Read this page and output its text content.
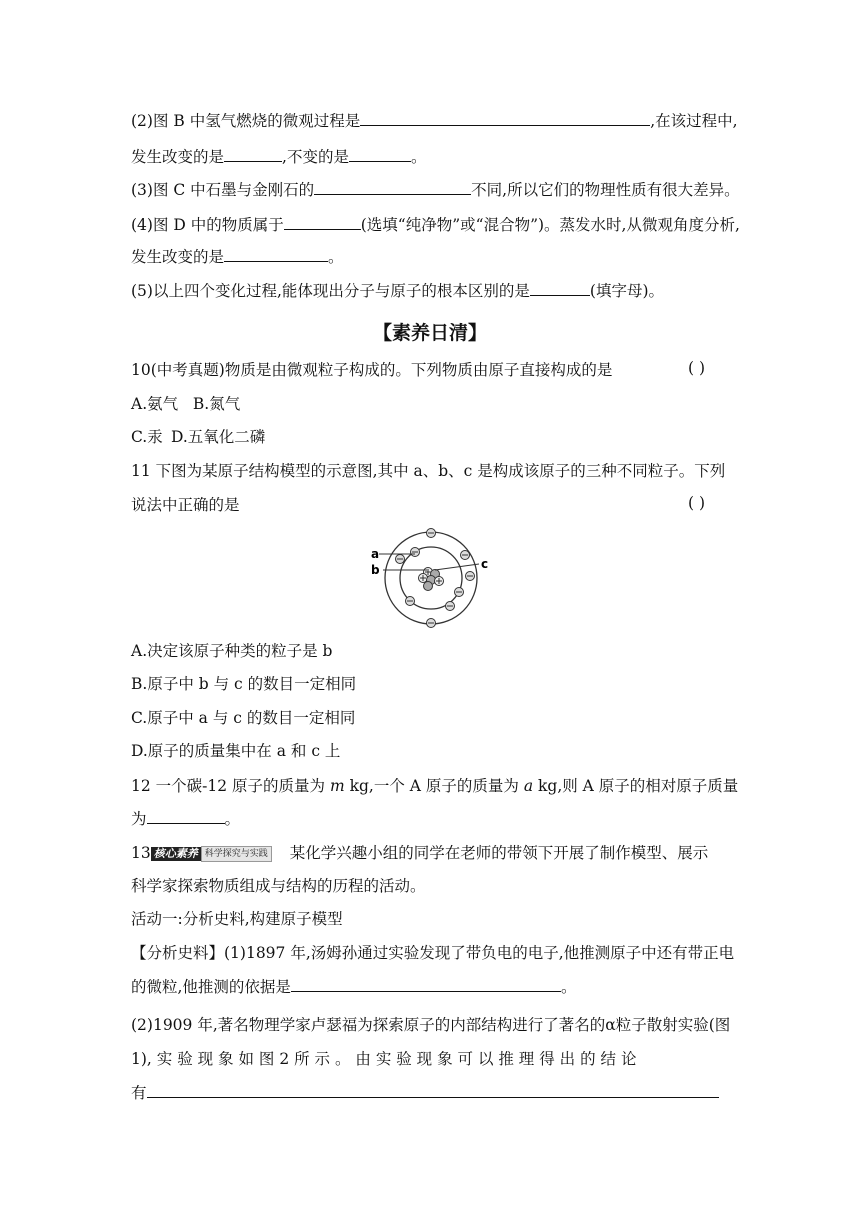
(2)图 B 中氢气燃烧的微观过程是	,在该过程中,
发生改变的是	,不变的是	。
(3)图 C 中石墨与金刚石的	不同,所以它们的物理性质有很大差异。
(4)图 D 中的物质属于	(选填“纯净物”或“混合物”)。蒸发水时,从微观角度分析,
发生改变的是	。
(5)以上四个变化过程,能体现出分子与原子的根本区别的是	(填字母)。
【素养日清】
10(中考真题)物质是由微观粒子构成的。下列物质由原子直接构成的是	( )
A.氨气 B.氮气
C.汞 D.五氧化二磷
11 下图为某原子结构模型的示意图,其中 a、b、c 是构成该原子的三种不同粒子。下列
说法中正确的是	( )
a
b	c
A.决定该原子种类的粒子是 b
B.原子中 b 与 c 的数目一定相同
C.原子中 a 与 c 的数目一定相同
D.原子的质量集中在 a 和 c 上
12 一个碳-12 原子的质量为 m kg,一个 A 原子的质量为 a kg,则 A 原子的相对原子质量
为	。
13 核心素养 科学探究与实践 某化学兴趣小组的同学在老师的带领下开展了制作模型、展示
科学家探索物质组成与结构的历程的活动。
活动一:分析史料,构建原子模型
【分析史料】(1)1897 年,汤姆孙通过实验发现了带负电的电子,他推测原子中还有带正电
的微粒,他推测的依据是	。
(2)1909 年,著名物理学家卢瑟福为探索原子的内部结构进行了著名的α粒子散射实验(图
1), 实 验 现 象 如 图 2 所 示 。 由 实 验 现 象 可 以 推 理 得 出 的 结 论
有
